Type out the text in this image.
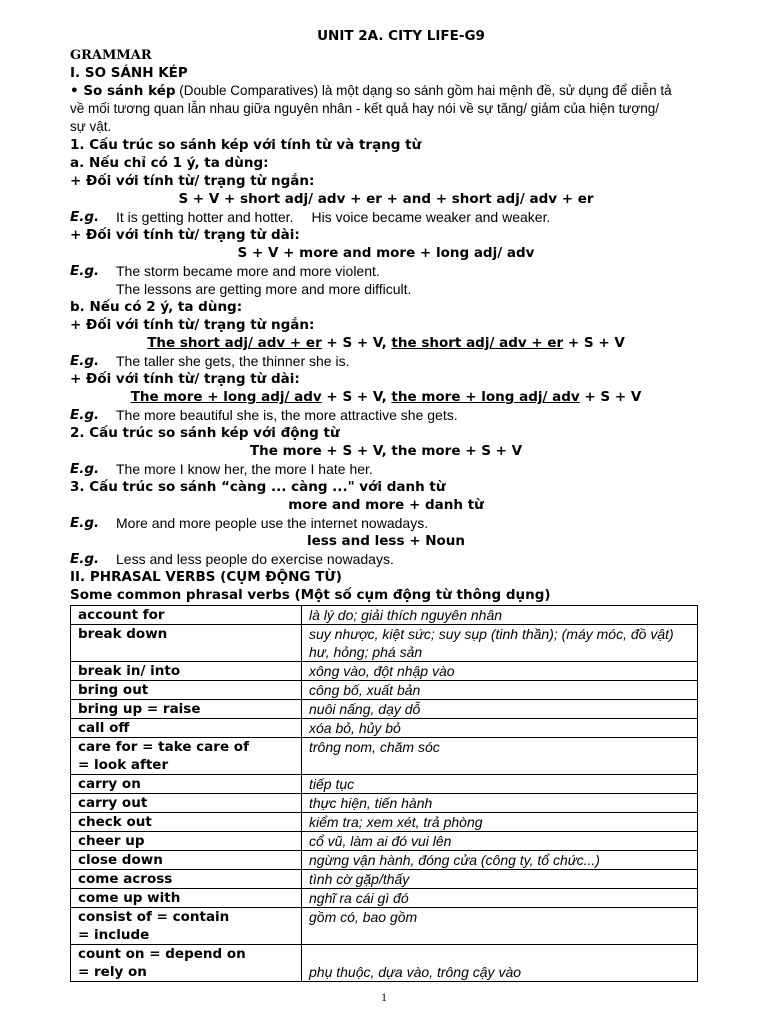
UNIT 2A. CITY LIFE-G9
GRAMMAR
I. SO SÁNH KÉP
• So sánh kép (Double Comparatives) là một dạng so sánh gồm hai mệnh đề, sử dụng để diễn tả
về mối tương quan lẫn nhau giữa nguyên nhân - kết quả hay nói về sự tăng/ giảm của hiện tượng/
sự vật.
1. Cấu trúc so sánh kép với tính từ và trạng từ
a. Nếu chỉ có 1 ý, ta dùng:
+ Đối với tính từ/ trạng từ ngắn:
S + V + short adj/ adv + er + and + short adj/ adv + er
E.g.	It is getting hotter and hotter. His voice became weaker and weaker.
+ Đối với tính từ/ trạng từ dài:
S + V + more and more + long adj/ adv
E.g.	The storm became more and more violent.
The lessons are getting more and more difficult.
b. Nếu có 2 ý, ta dùng:
+ Đối với tính từ/ trạng từ ngắn:
The short adj/ adv + er + S + V, the short adj/ adv + er + S + V
E.g.	The taller she gets, the thinner she is.
+ Đối với tính từ/ trạng từ dài:
The more + long adj/ adv + S + V, the more + long adj/ adv + S + V
E.g.	The more beautiful she is, the more attractive she gets.
2. Cấu trúc so sánh kép với động từ
The more + S + V, the more + S + V
E.g.	The more I know her, the more I hate her.
3. Cấu trúc so sánh “càng ... càng ..." với danh từ
more and more + danh từ
E.g.	More and more people use the internet nowadays.
less and less + Noun
E.g.	Less and less people do exercise nowadays.
II. PHRASAL VERBS (CỤM ĐỘNG TỪ)
Some common phrasal verbs (Một số cụm động từ thông dụng)
account for	là lý do; giải thích nguyên nhân

break down	suy nhược, kiệt sức; suy sụp (tinh thần); (máy móc, đồ vật)
hư, hỏng; phá sản

break in/ into	xông vào, đột nhập vào

bring out	công bố, xuất bản

bring up = raise	nuôi nấng, dạy dỗ

call off	xóa bỏ, hủy bỏ

care for = take care of
= look after	trông nom, chăm sóc

carry on	tiếp tục

carry out	thực hiện, tiến hành

check out	kiểm tra; xem xét, trả phòng

cheer up	cổ vũ, làm ai đó vui lên

close down	ngừng vận hành, đóng cửa (công ty, tổ chức...)

come across	tình cờ gặp/thấy

come up with	nghĩ ra cái gì đó

consist of = contain
= include	gồm có, bao gồm

count on = depend on
= rely on	phụ thuộc, dựa vào, trông cậy vào
1
